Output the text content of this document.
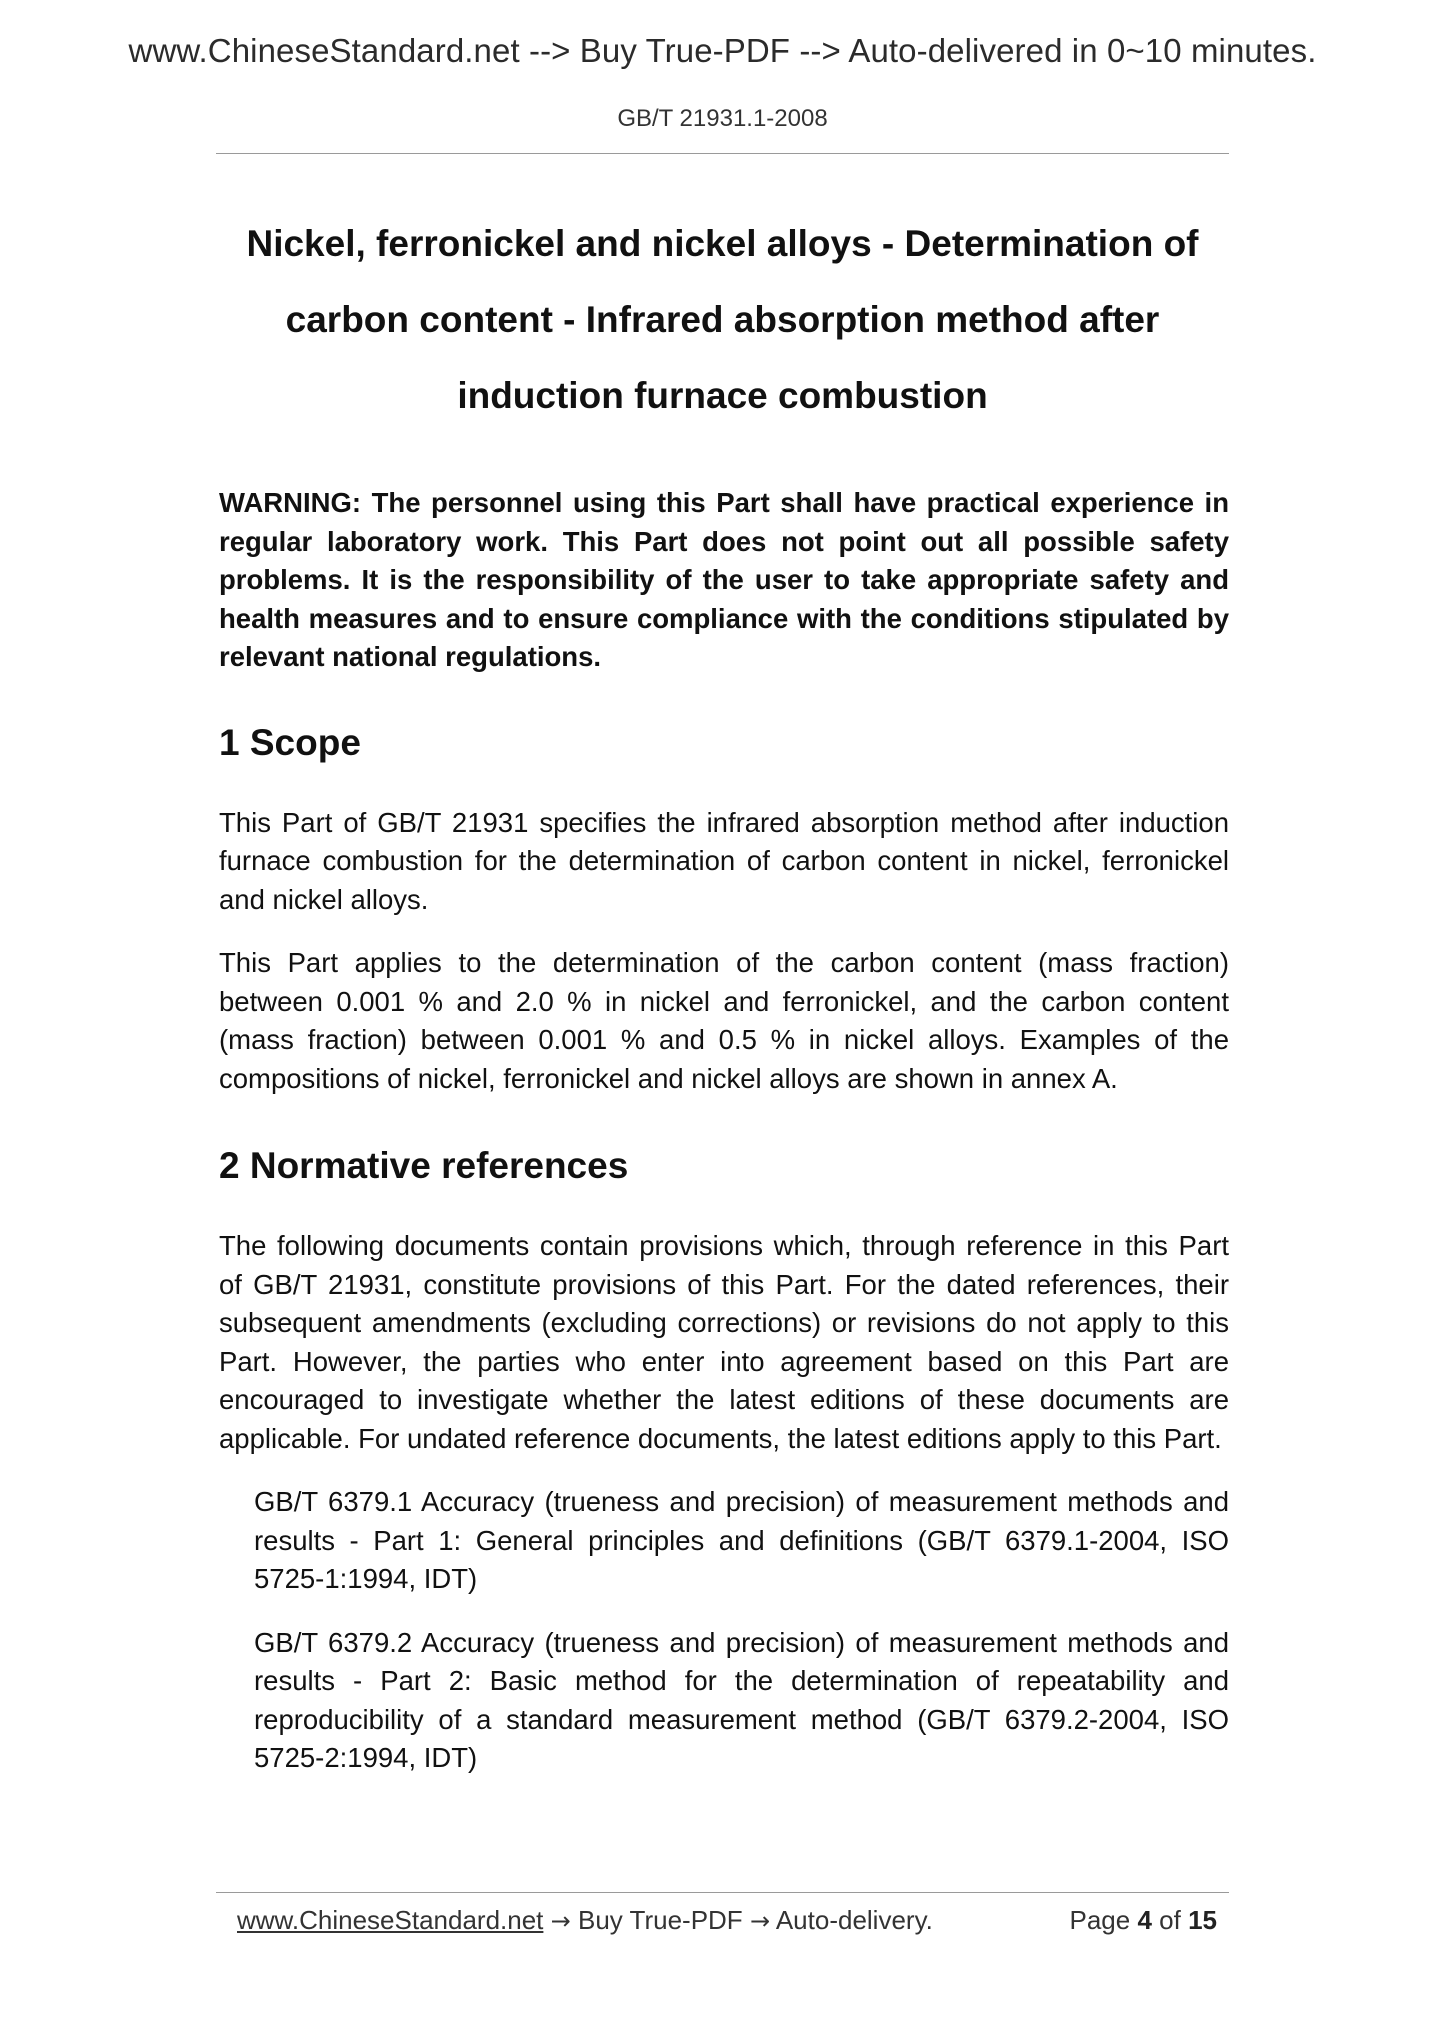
www.ChineseStandard.net --> Buy True-PDF --> Auto-delivered in 0~10 minutes.
GB/T 21931.1-2008
Nickel, ferronickel and nickel alloys - Determination of
carbon content - Infrared absorption method after
induction furnace combustion

WARNING: The personnel using this Part shall have practical experience in regular laboratory work. This Part does not point out all possible safety problems. It is the responsibility of the user to take appropriate safety and health measures and to ensure compliance with the conditions stipulated by relevant national regulations.

1 Scope

This Part of GB/T 21931 specifies the infrared absorption method after induction furnace combustion for the determination of carbon content in nickel, ferronickel and nickel alloys.

This Part applies to the determination of the carbon content (mass fraction) between 0.001 % and 2.0 % in nickel and ferronickel, and the carbon content (mass fraction) between 0.001 % and 0.5 % in nickel alloys. Examples of the compositions of nickel, ferronickel and nickel alloys are shown in annex A.

2 Normative references

The following documents contain provisions which, through reference in this Part of GB/T 21931, constitute provisions of this Part. For the dated references, their subsequent amendments (excluding corrections) or revisions do not apply to this Part. However, the parties who enter into agreement based on this Part are encouraged to investigate whether the latest editions of these documents are applicable. For undated reference documents, the latest editions apply to this Part.

GB/T 6379.1 Accuracy (trueness and precision) of measurement methods and results - Part 1: General principles and definitions (GB/T 6379.1-2004, ISO 5725-1:1994, IDT)

GB/T 6379.2 Accuracy (trueness and precision) of measurement methods and results - Part 2: Basic method for the determination of repeatability and reproducibility of a standard measurement method (GB/T 6379.2-2004, ISO 5725-2:1994, IDT)

www.ChineseStandard.net → Buy True-PDF → Auto-delivery.	Page 4 of 15
